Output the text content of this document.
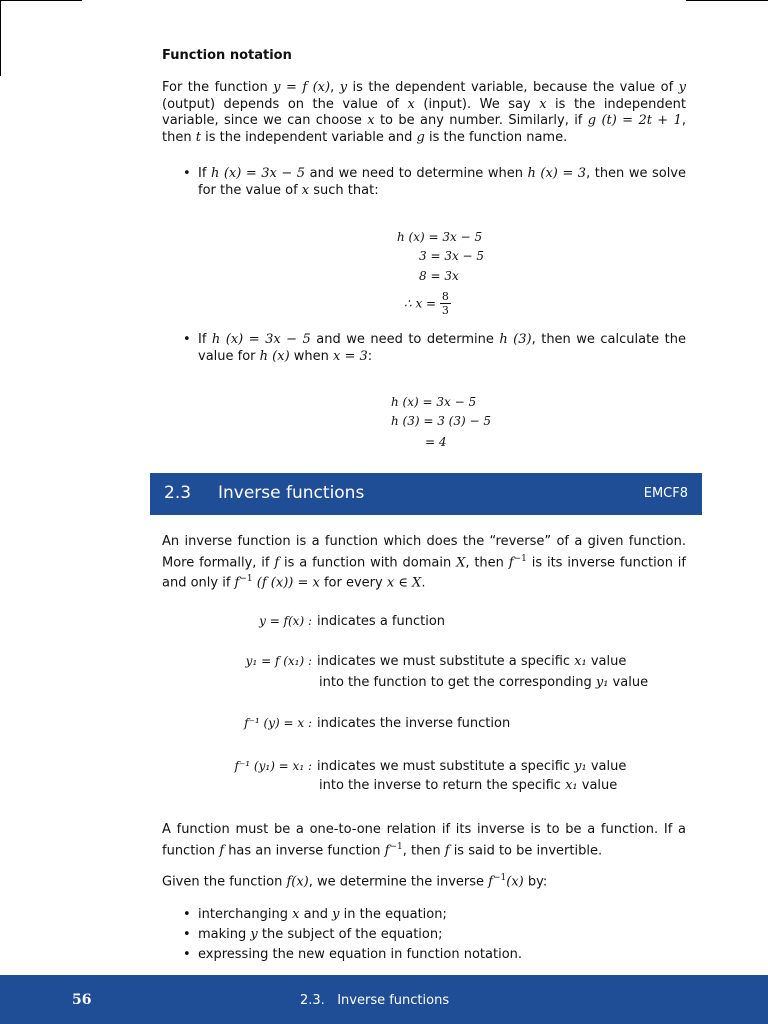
Function notation
For the function y = f (x), y is the dependent variable, because the value of y (output) depends on the value of x (input). We say x is the independent variable, since we can choose x to be any number. Similarly, if g (t) = 2t + 1, then t is the independent variable and g is the function name.
• If h (x) = 3x − 5 and we need to determine when h (x) = 3, then we solve for the value of x such that:
h (x) = 3x − 5
3 = 3x − 5
8 = 3x
∴ $x = \frac{8}{3}$
• If h (x) = 3x − 5 and we need to determine h (3), then we calculate the value for h (x) when x = 3:
h (x) = 3x − 5
h (3) = 3 (3) − 5
= 4
2.3 Inverse functions	EMCF8
An inverse function is a function which does the “reverse” of a given function. More formally, if f is a function with domain X, then $f^{-1}$ is its inverse function if and only if $f^{-1}$ (f (x)) = x for every x ∈ X.
y = f(x) : indicates a function
y₁ = f (x₁) : indicates we must substitute a specific x₁ value
into the function to get the corresponding y₁ value
f⁻¹ (y) = x : indicates the inverse function
f⁻¹ (y₁) = x₁ : indicates we must substitute a specific y₁ value
into the inverse to return the specific x₁ value
A function must be a one-to-one relation if its inverse is to be a function. If a function f has an inverse function $f^{-1}$, then f is said to be invertible.
Given the function f(x), we determine the inverse $f^{-1}(x)$ by:
• interchanging x and y in the equation;
• making y the subject of the equation;
• expressing the new equation in function notation.
56	2.3.   Inverse functions
